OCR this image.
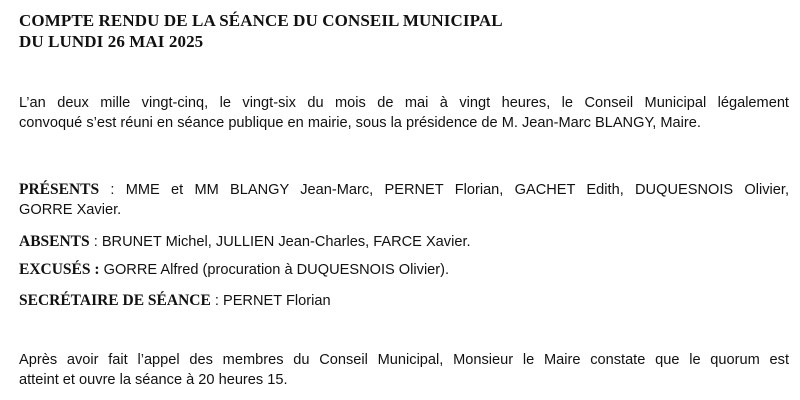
COMPTE RENDU DE LA SÉANCE DU CONSEIL MUNICIPAL
DU LUNDI 26 MAI 2025
L’an deux mille vingt-cinq, le vingt-six du mois de mai à vingt heures, le Conseil Municipal légalement
convoqué s’est réuni en séance publique en mairie, sous la présidence de M. Jean-Marc BLANGY, Maire.
PRÉSENTS : MME et MM BLANGY Jean-Marc, PERNET Florian, GACHET Edith, DUQUESNOIS Olivier,
GORRE Xavier.
ABSENTS : BRUNET Michel, JULLIEN Jean-Charles, FARCE Xavier.
EXCUSÉS : GORRE Alfred (procuration à DUQUESNOIS Olivier).
SECRÉTAIRE DE SÉANCE : PERNET Florian
Après avoir fait l’appel des membres du Conseil Municipal, Monsieur le Maire constate que le quorum est
atteint et ouvre la séance à 20 heures 15.
